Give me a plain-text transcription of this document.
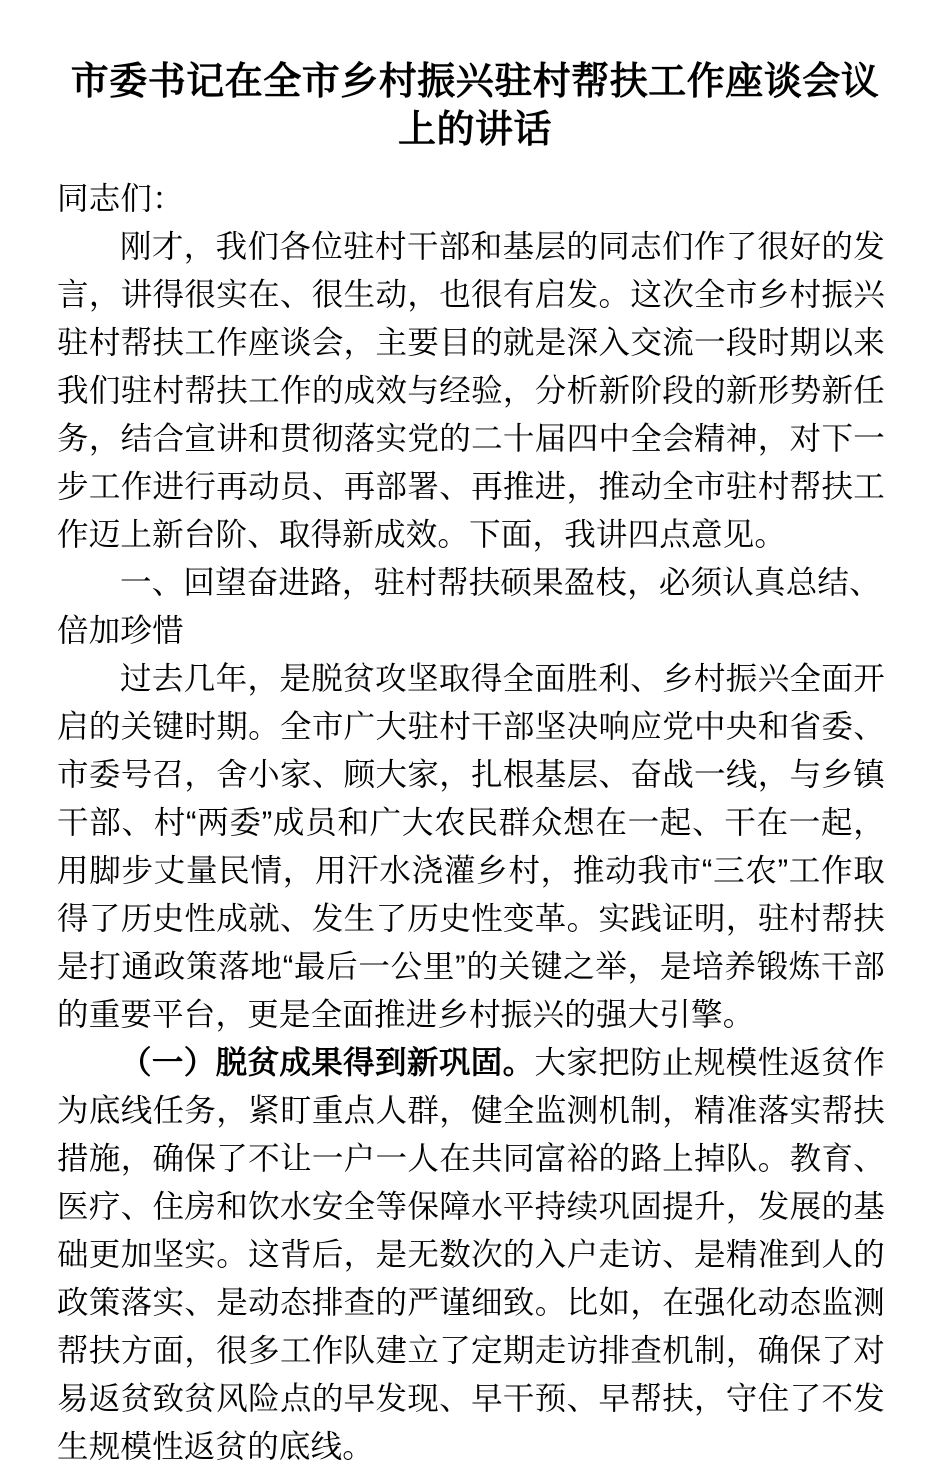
市委书记在全市乡村振兴驻村帮扶工作座谈会议上的讲话

同志们：

刚才，我们各位驻村干部和基层的同志们作了很好的发言，讲得很实在、很生动，也很有启发。这次全市乡村振兴驻村帮扶工作座谈会，主要目的就是深入交流一段时期以来我们驻村帮扶工作的成效与经验，分析新阶段的新形势新任务，结合宣讲和贯彻落实党的二十届四中全会精神，对下一步工作进行再动员、再部署、再推进，推动全市驻村帮扶工作迈上新台阶、取得新成效。下面，我讲四点意见。

一、回望奋进路，驻村帮扶硕果盈枝，必须认真总结、倍加珍惜

过去几年，是脱贫攻坚取得全面胜利、乡村振兴全面开启的关键时期。全市广大驻村干部坚决响应党中央和省委、市委号召，舍小家、顾大家，扎根基层、奋战一线，与乡镇干部、村“两委”成员和广大农民群众想在一起、干在一起，用脚步丈量民情，用汗水浇灌乡村，推动我市“三农”工作取得了历史性成就、发生了历史性变革。实践证明，驻村帮扶是打通政策落地“最后一公里”的关键之举，是培养锻炼干部的重要平台，更是全面推进乡村振兴的强大引擎。

（一）脱贫成果得到新巩固。大家把防止规模性返贫作为底线任务，紧盯重点人群，健全监测机制，精准落实帮扶措施，确保了不让一户一人在共同富裕的路上掉队。教育、医疗、住房和饮水安全等保障水平持续巩固提升，发展的基础更加坚实。这背后，是无数次的入户走访、是精准到人的政策落实、是动态排查的严谨细致。比如，在强化动态监测帮扶方面，很多工作队建立了定期走访排查机制，确保了对易返贫致贫风险点的早发现、早干预、早帮扶，守住了不发生规模性返贫的底线。
